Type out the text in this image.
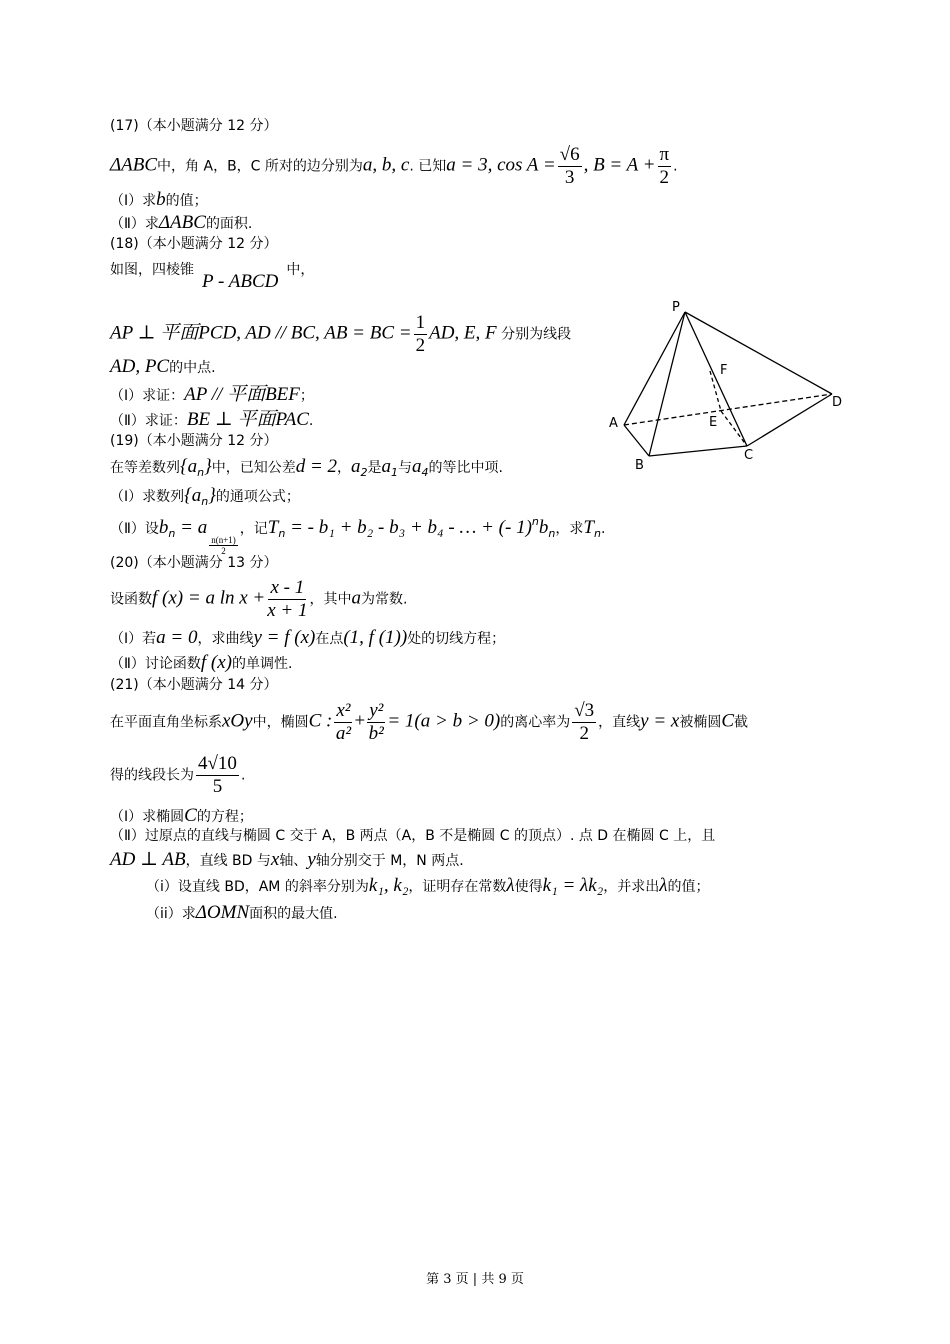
(17)（本小题满分 12 分）
ΔABC中，角 A，B，C 所对的边分别为a, b, c. 已知a = 3, $\cos A = \frac{√6}{3}$ , $B = A + \frac{\pi}{2}$ .
（Ⅰ）求b的值；
（Ⅱ）求ΔABC的面积.
(18)（本小题满分 12 分）
如图，四棱锥P - ABCD中，
AP ⊥ 平面PCD, AD // BC, AB = BC = $\frac{1}{2}$ AD, E, F 分别为线段
AD, PC的中点.
（Ⅰ）求证：AP // 平面BEF；
（Ⅱ）求证：BE ⊥ 平面PAC.
P
A
B
C
D
E
F
(19)（本小题满分 12 分）
在等差数列$\{a_n\}$中，已知公差d = 2，$a_2$是$a_1$与$a_4$的等比中项.
（Ⅰ）求数列$\{a_n\}$的通项公式；
（Ⅱ）设$b_n = a$
$\frac{n(n+1)}{2}$
，记$T_n$ = - b₁ + b₂ - b₃ + b₄ - … + (- $1)^nb_n$，求$T_n$.
(20)（本小题满分 13 分）
设函数f (x) = a $\ln x + \frac{x - 1}{x + 1}$ ，其中a为常数.
（Ⅰ）若a = 0，求曲线y = f (x)在点(1, f (1))处的切线方程；
（Ⅱ）讨论函数f (x)的单调性.
(21)（本小题满分 14 分）
在平面直角坐标系xOy中，椭圆C : $\frac{\text{x²}}{\text{a²}} + \frac{\text{y²}}{\text{b²}} = 1(a > b > 0)$的离心率为 $\frac{√3}{2}$ ，直线y = x被椭圆C截
得的线段长为 $\frac{4√10}{5}$ .
（Ⅰ）求椭圆C的方程；
（Ⅱ）过原点的直线与椭圆 C 交于 A，B 两点（A，B 不是椭圆 C 的顶点）. 点 D 在椭圆 C 上，且
AD ⊥ AB，直线 BD 与x轴、y轴分别交于 M，N 两点.
（i）设直线 BD，AM 的斜率分别为k₁, k₂，证明存在常数λ使得k₁ = λk₂，并求出λ的值；
（ii）求ΔOMN面积的最大值.
第 3 页 | 共 9 页
